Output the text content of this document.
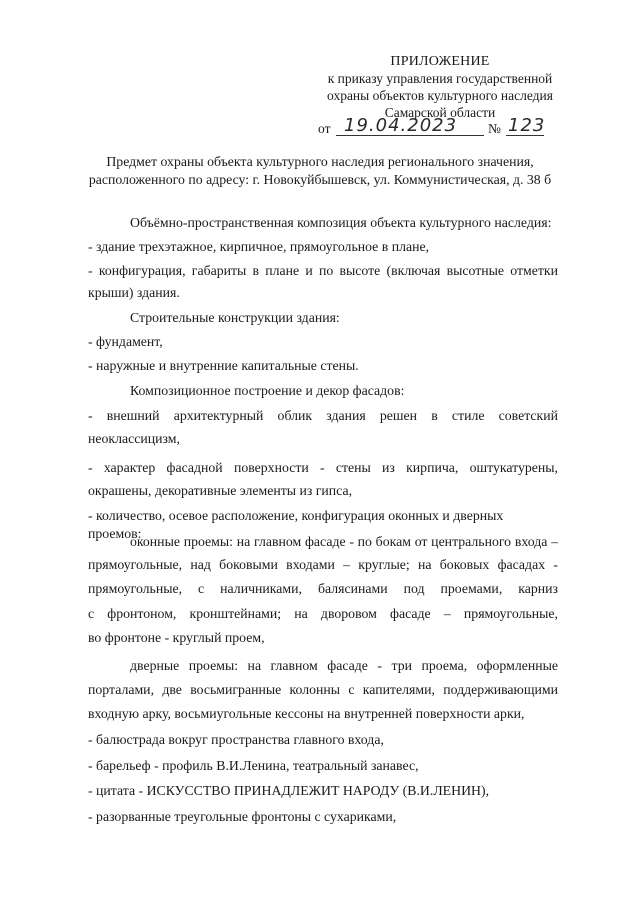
ПРИЛОЖЕНИЕ
к приказу управления государственной
охраны объектов культурного наследия
Самарской области
от 19.04.2023 № 123
Предмет охраны объекта культурного наследия регионального значения,
расположенного по адресу: г. Новокуйбышевск, ул. Коммунистическая, д. 38 б

Объёмно-пространственная композиция объекта культурного наследия:

- здание трехэтажное, кирпичное, прямоугольное в плане,

- конфигурация, габариты в плане и по высоте (включая высотные отметки

крыши) здания.

Строительные конструкции здания:

- фундамент,

- наружные и внутренние капитальные стены.

Композиционное построение и декор фасадов:

- внешний архитектурный облик здания решен в стиле советский

неоклассицизм,

- характер фасадной поверхности - стены из кирпича, оштукатурены,

окрашены, декоративные элементы из гипса,

- количество, осевое расположение, конфигурация оконных и дверных проемов:

оконные проемы: на главном фасаде - по бокам от центрального входа –

прямоугольные, над боковыми входами – круглые; на боковых фасадах -

прямоугольные, с наличниками, балясинами под проемами, карниз

с фронтоном, кронштейнами; на дворовом фасаде – прямоугольные,

во фронтоне - круглый проем,

дверные проемы: на главном фасаде - три проема, оформленные

порталами, две восьмигранные колонны с капителями, поддерживающими

входную арку, восьмиугольные кессоны на внутренней поверхности арки,

- балюстрада вокруг пространства главного входа,

- барельеф - профиль В.И.Ленина, театральный занавес,

- цитата - ИСКУССТВО ПРИНАДЛЕЖИТ НАРОДУ (В.И.ЛЕНИН),

- разорванные треугольные фронтоны с сухариками,
